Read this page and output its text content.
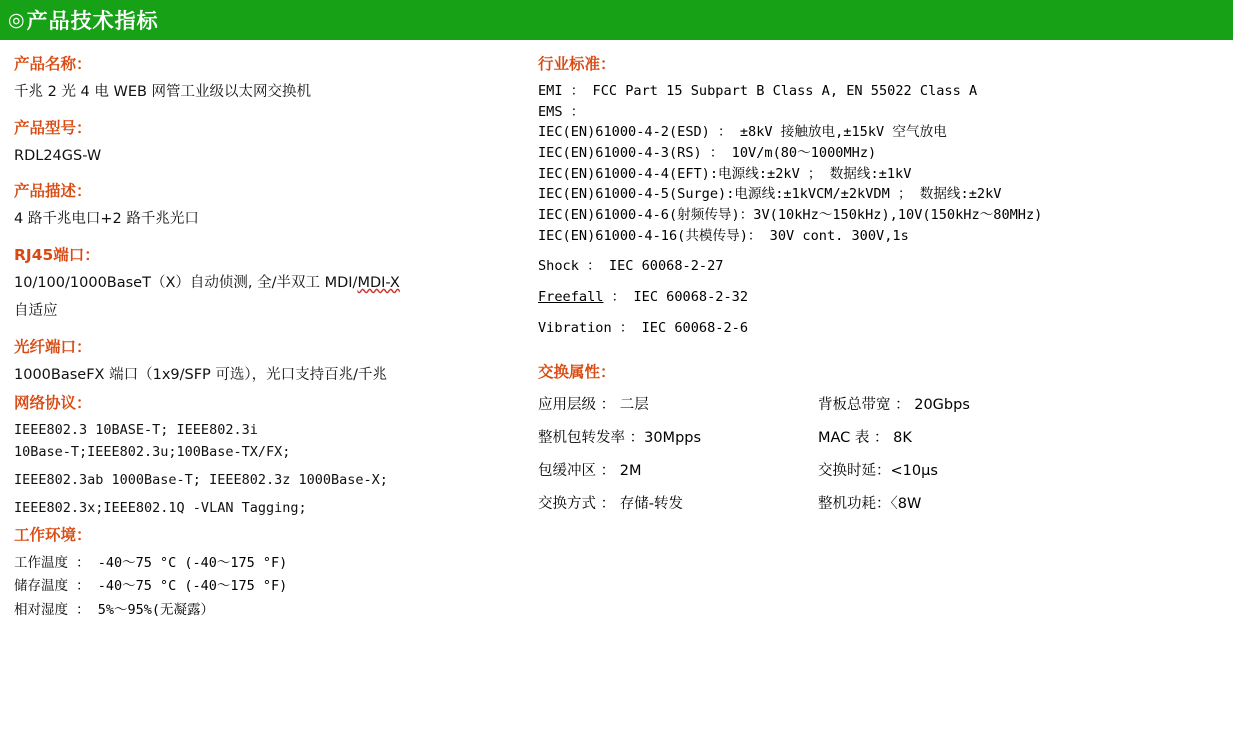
◎ 产品技术指标
产品名称：
千兆 2 光 4 电 WEB 网管工业级以太网交换机
产品型号：
RDL24GS-W
产品描述：
4 路千兆电口+2 路千兆光口
RJ45端口：
10/100/1000BaseT（X）自动侦测, 全/半双工 MDI/MDI-X
自适应
光纤端口：
1000BaseFX 端口（1x9/SFP 可选），光口支持百兆/千兆
网络协议：
IEEE802.3 10BASE-T; IEEE802.3i
10Base-T;IEEE802.3u;100Base-TX/FX;
IEEE802.3ab 1000Base-T; IEEE802.3z 1000Base-X;
IEEE802.3x;IEEE802.1Q -VLAN Tagging;
工作环境：
工作温度 ： -40～75 °C (-40～175 °F)
储存温度 ： -40～75 °C (-40～175 °F)
相对湿度 ： 5%～95%(无凝露）
行业标准：
EMI ： FCC Part 15 Subpart B Class A, EN 55022 Class A
EMS ：
IEC(EN)61000-4-2(ESD) ： ±8kV 接触放电,±15kV 空气放电
IEC(EN)61000-4-3(RS) ： 10V/m(80～1000MHz)
IEC(EN)61000-4-4(EFT):电源线:±2kV ； 数据线:±1kV
IEC(EN)61000-4-5(Surge):电源线:±1kVCM/±2kVDM ； 数据线:±2kV
IEC(EN)61000-4-6(射频传导)：3V(10kHz～150kHz),10V(150kHz～80MHz)
IEC(EN)61000-4-16(共模传导)： 30V cont. 300V,1s
Shock ： IEC 60068-2-27
Freefall ： IEC 60068-2-32
Vibration ： IEC 60068-2-6
交换属性：
应用层级 ： 二层	背板总带宽 ： 20Gbps
整机包转发率 ：30Mpps	MAC 表 ： 8K
包缓冲区 ： 2M	交换时延：<10μs
交换方式 ： 存储-转发	整机功耗：〈8W
